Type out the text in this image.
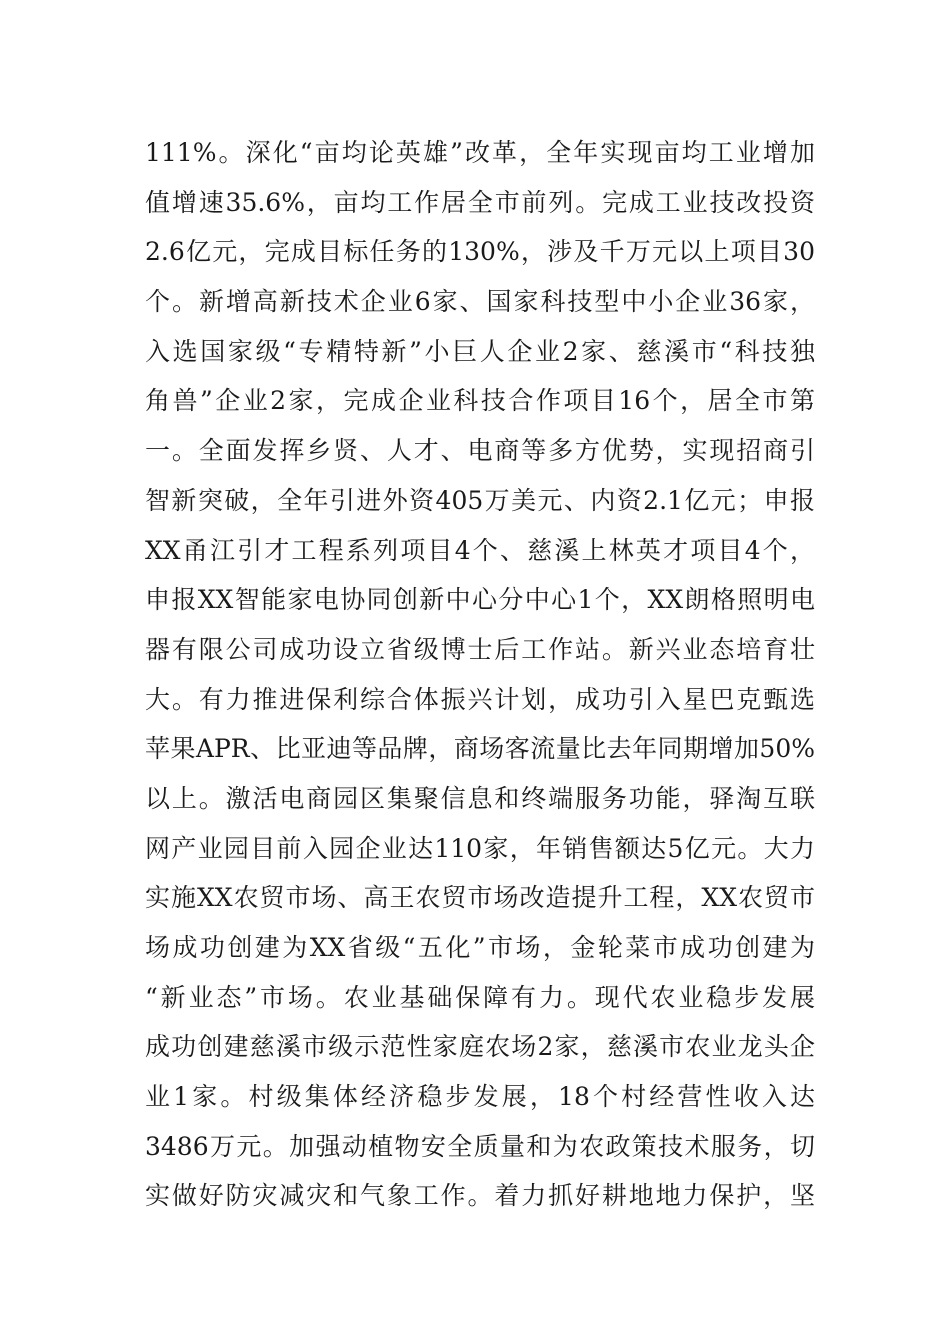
111%。深化“亩均论英雄”改革，全年实现亩均工业增加
值增速35.6%，亩均工作居全市前列。完成工业技改投资
2.6亿元，完成目标任务的130%，涉及千万元以上项目30
个。新增高新技术企业6家、国家科技型中小企业36家，
入选国家级“专精特新”小巨人企业2家、慈溪市“科技独
角兽”企业2家，完成企业科技合作项目16个，居全市第
一。全面发挥乡贤、人才、电商等多方优势，实现招商引
智新突破，全年引进外资405万美元、内资2.1亿元；申报
XX甬江引才工程系列项目4个、慈溪上林英才项目4个，
申报XX智能家电协同创新中心分中心1个，XX朗格照明电
器有限公司成功设立省级博士后工作站。新兴业态培育壮
大。有力推进保利综合体振兴计划，成功引入星巴克甄选
苹果APR、比亚迪等品牌，商场客流量比去年同期增加50%
以上。激活电商园区集聚信息和终端服务功能，驿淘互联
网产业园目前入园企业达110家，年销售额达5亿元。大力
实施XX农贸市场、高王农贸市场改造提升工程，XX农贸市
场成功创建为XX省级“五化”市场，金轮菜市成功创建为
“新业态”市场。农业基础保障有力。现代农业稳步发展
成功创建慈溪市级示范性家庭农场2家，慈溪市农业龙头企
业1家。村级集体经济稳步发展，18个村经营性收入达
3486万元。加强动植物安全质量和为农政策技术服务，切
实做好防灾减灾和气象工作。着力抓好耕地地力保护，坚
